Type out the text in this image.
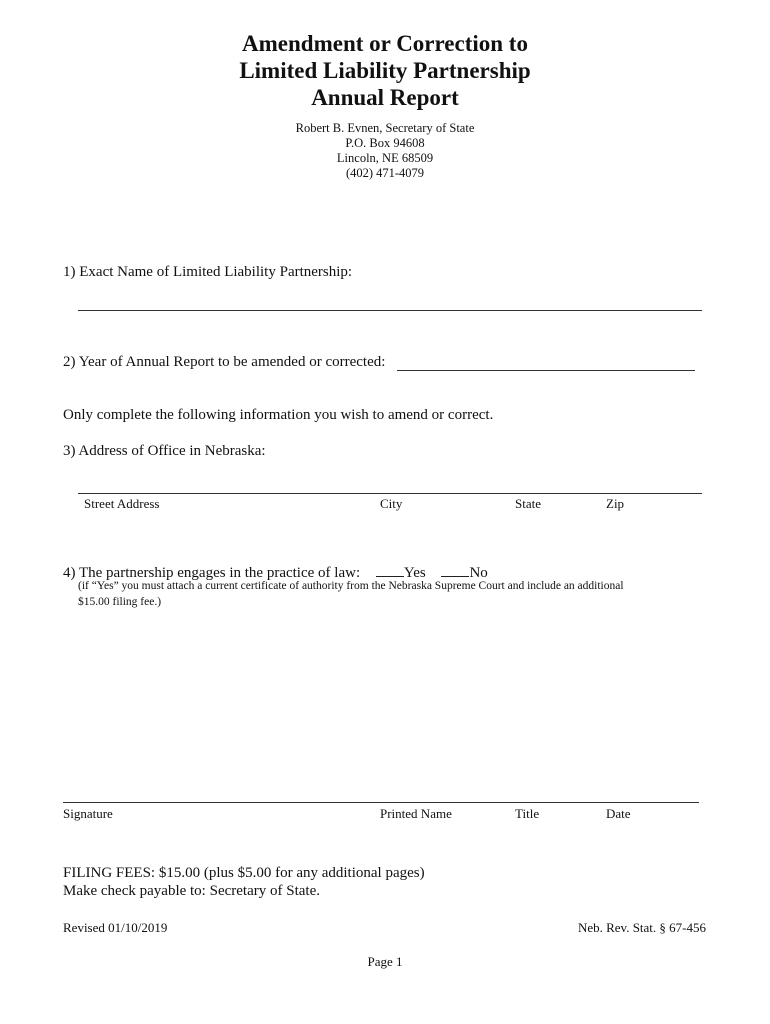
Amendment or Correction to
Limited Liability Partnership
Annual Report
Robert B. Evnen, Secretary of State
P.O. Box 94608
Lincoln, NE 68509
(402) 471-4079
1) Exact Name of Limited Liability Partnership:
2) Year of Annual Report to be amended or corrected:
Only complete the following information you wish to amend or correct.
3) Address of Office in Nebraska:
Street Address	City	State	Zip
4) The partnership engages in the practice of law:	Yes	No
(if “Yes” you must attach a current certificate of authority from the Nebraska Supreme Court and include an additional
$15.00 filing fee.)
Signature	Printed Name	Title	Date
FILING FEES: $15.00 (plus $5.00 for any additional pages)
Make check payable to: Secretary of State.
Revised 01/10/2019	Neb. Rev. Stat. § 67-456
Page 1
